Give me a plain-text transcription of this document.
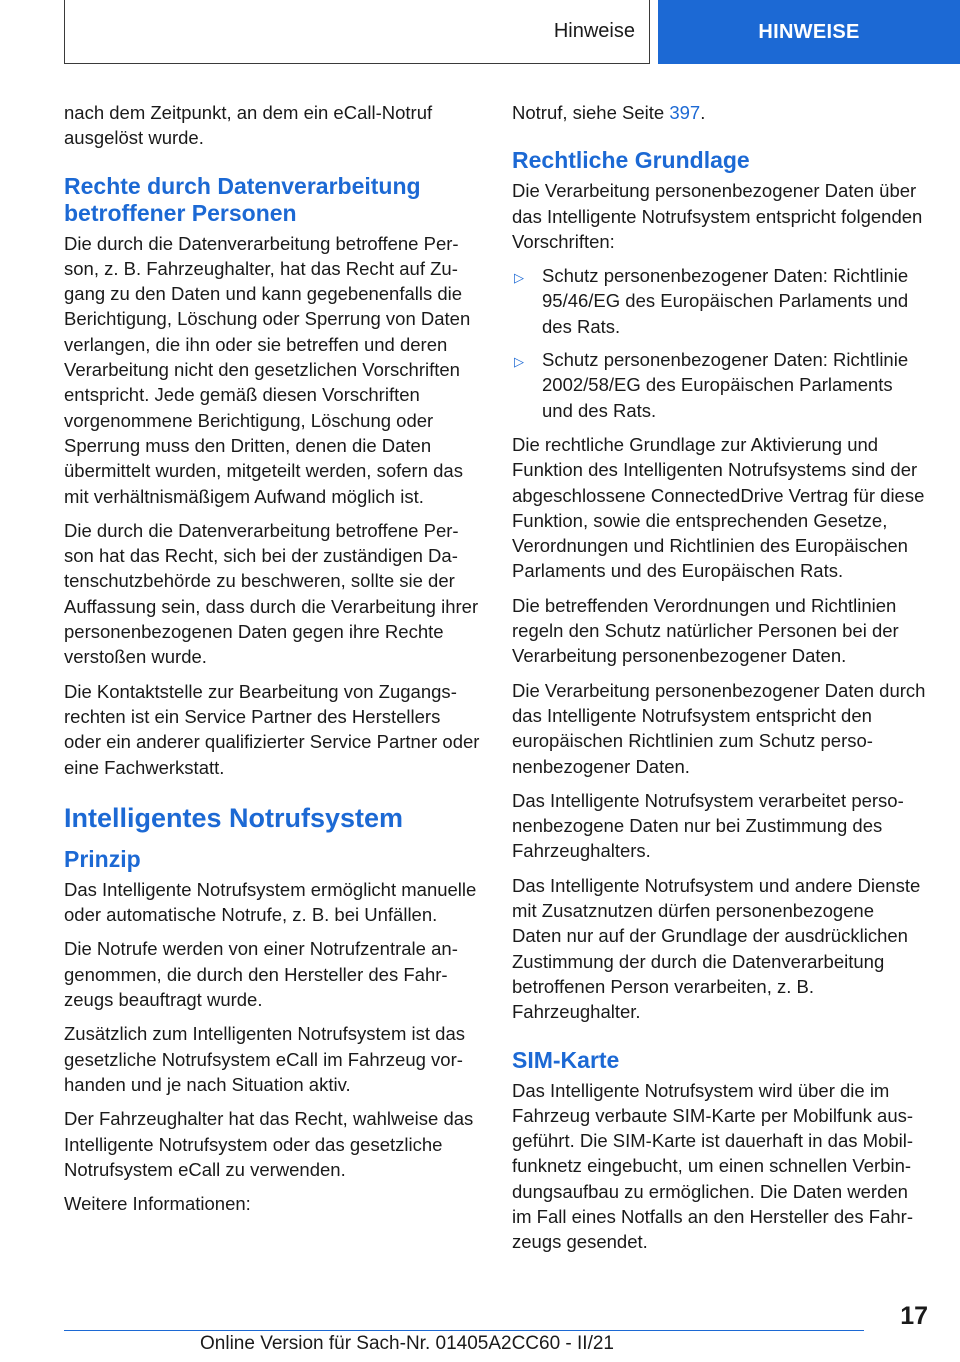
Hinweise	HINWEISE

nach dem Zeitpunkt, an dem ein eCall-Notruf ausgelöst wurde.

Rechte durch Datenverarbeitung betroffener Personen

Die durch die Datenverarbeitung betroffene Person, z. B. Fahrzeughalter, hat das Recht auf Zugang zu den Daten und kann gegebenenfalls die Berichtigung, Löschung oder Sperrung von Daten verlangen, die ihn oder sie betreffen und deren Verarbeitung nicht den gesetzlichen Vorschriften entspricht. Jede gemäß diesen Vorschriften vorgenommene Berichtigung, Löschung oder Sperrung muss den Dritten, denen die Daten übermittelt wurden, mitgeteilt werden, sofern das mit verhältnismäßigem Aufwand möglich ist.

Die durch die Datenverarbeitung betroffene Person hat das Recht, sich bei der zuständigen Datenschutzbehörde zu beschweren, sollte sie der Auffassung sein, dass durch die Verarbeitung ihrer personenbezogenen Daten gegen ihre Rechte verstoßen wurde.

Die Kontaktstelle zur Bearbeitung von Zugangsrechten ist ein Service Partner des Herstellers oder ein anderer qualifizierter Service Partner oder eine Fachwerkstatt.

Intelligentes Notrufsystem
Prinzip

Das Intelligente Notrufsystem ermöglicht manuelle oder automatische Notrufe, z. B. bei Unfällen.

Die Notrufe werden von einer Notrufzentrale angenommen, die durch den Hersteller des Fahrzeugs beauftragt wurde.

Zusätzlich zum Intelligenten Notrufsystem ist das gesetzliche Notrufsystem eCall im Fahrzeug vorhanden und je nach Situation aktiv.

Der Fahrzeughalter hat das Recht, wahlweise das Intelligente Notrufsystem oder das gesetzliche Notrufsystem eCall zu verwenden.

Weitere Informationen:

Notruf, siehe Seite 397.

Rechtliche Grundlage

Die Verarbeitung personenbezogener Daten über das Intelligente Notrufsystem entspricht folgenden Vorschriften:

▷ Schutz personenbezogener Daten: Richtlinie 95/46/EG des Europäischen Parlaments und des Rats.
▷ Schutz personenbezogener Daten: Richtlinie 2002/58/EG des Europäischen Parlaments und des Rats.

Die rechtliche Grundlage zur Aktivierung und Funktion des Intelligenten Notrufsystems sind der abgeschlossene ConnectedDrive Vertrag für diese Funktion, sowie die entsprechenden Gesetze, Verordnungen und Richtlinien des Europäischen Parlaments und des Europäischen Rats.

Die betreffenden Verordnungen und Richtlinien regeln den Schutz natürlicher Personen bei der Verarbeitung personenbezogener Daten.

Die Verarbeitung personenbezogener Daten durch das Intelligente Notrufsystem entspricht den europäischen Richtlinien zum Schutz personenbezogener Daten.

Das Intelligente Notrufsystem verarbeitet personenbezogene Daten nur bei Zustimmung des Fahrzeughalters.

Das Intelligente Notrufsystem und andere Dienste mit Zusatznutzen dürfen personenbezogene Daten nur auf der Grundlage der ausdrücklichen Zustimmung der durch die Datenverarbeitung betroffenen Person verarbeiten, z. B. Fahrzeughalter.

SIM-Karte

Das Intelligente Notrufsystem wird über die im Fahrzeug verbaute SIM-Karte per Mobilfunk ausgeführt. Die SIM-Karte ist dauerhaft in das Mobilfunknetz eingebucht, um einen schnellen Verbindungsaufbau zu ermöglichen. Die Daten werden im Fall eines Notfalls an den Hersteller des Fahrzeugs gesendet.

17
Online Version für Sach-Nr. 01405A2CC60 - II/21
